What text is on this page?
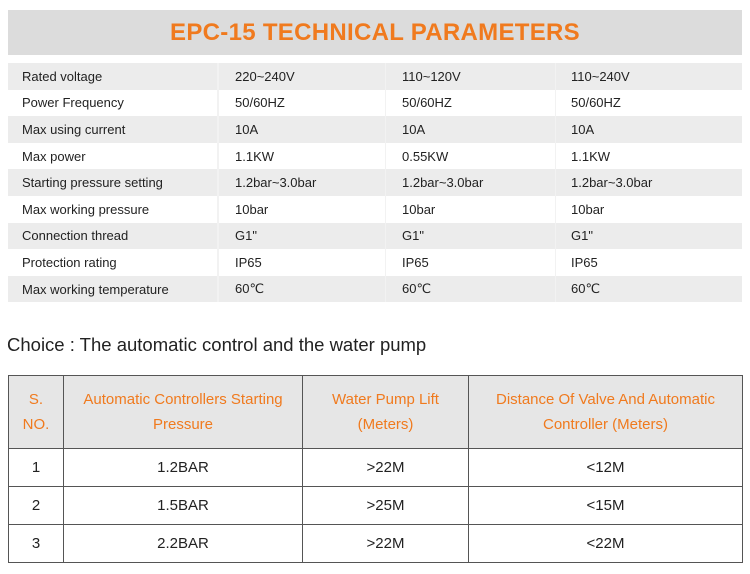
EPC-15 TECHNICAL PARAMETERS
Rated voltage	220~240V	110~120V	110~240V
Power Frequency	50/60HZ	50/60HZ	50/60HZ
Max using current	10A	10A	10A
Max power	1.1KW	0.55KW	1.1KW
Starting pressure setting	1.2bar~3.0bar	1.2bar~3.0bar	1.2bar~3.0bar
Max working pressure	10bar	10bar	10bar
Connection thread	G1"	G1"	G1"
Protection rating	IP65	IP65	IP65
Max working temperature	60℃	60℃	60℃
Choice : The automatic control and the water pump
S. NO.	Automatic Controllers Starting Pressure	Water Pump Lift (Meters)	Distance Of Valve And Automatic Controller (Meters)
1	1.2BAR	>22M	<12M
2	1.5BAR	>25M	<15M
3	2.2BAR	>22M	<22M
